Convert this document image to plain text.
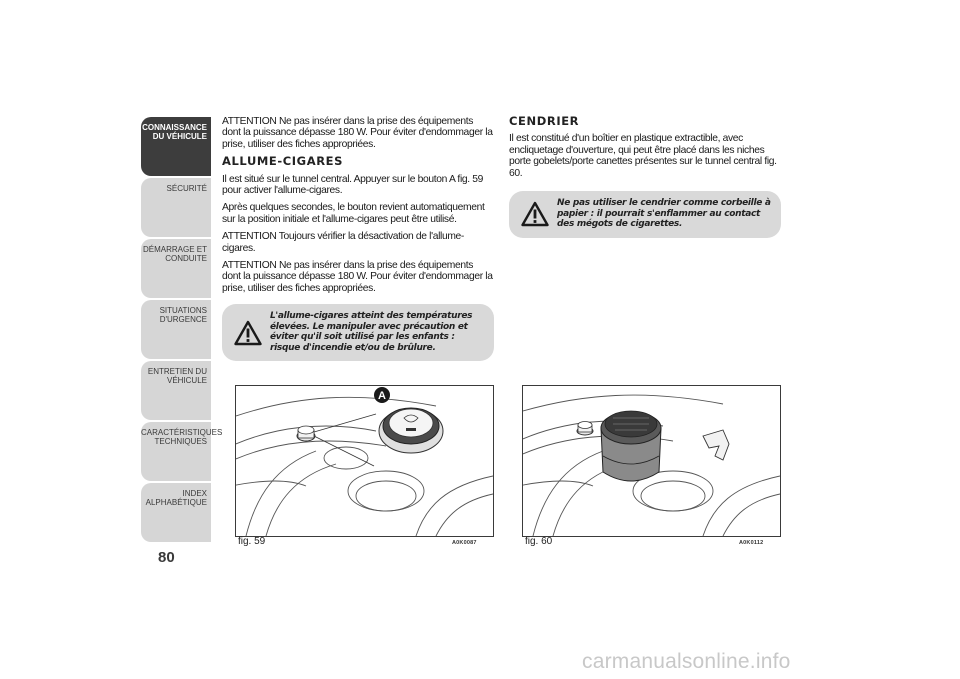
CONNAISSANCE
DU VÉHICULE
SÉCURITÉ
DÉMARRAGE ET
CONDUITE
SITUATIONS
D'URGENCE
ENTRETIEN DU
VÉHICULE
CARACTÉRISTIQUES
TECHNIQUES
INDEX
ALPHABÉTIQUE
80

ATTENTION Ne pas insérer dans la prise des équipements dont la puissance dépasse 180 W. Pour éviter d'endommager la prise, utiliser des fiches appropriées.

ALLUME-CIGARES

Il est situé sur le tunnel central. Appuyer sur le bouton A fig. 59 pour activer l'allume-cigares.

Après quelques secondes, le bouton revient automatiquement sur la position initiale et l'allume-cigares peut être utilisé.

ATTENTION Toujours vérifier la désactivation de l'allume-cigares.

ATTENTION Ne pas insérer dans la prise des équipements dont la puissance dépasse 180 W. Pour éviter d'endommager la prise, utiliser des fiches appropriées.

L'allume-cigares atteint des températures élevées. Le manipuler avec précaution et éviter qu'il soit utilisé par les enfants : risque d'incendie et/ou de brûlure.
CENDRIER

Il est constitué d'un boîtier en plastique extractible, avec encliquetage d'ouverture, qui peut être placé dans les niches porte gobelets/porte canettes présentes sur le tunnel central fig. 60.

Ne pas utiliser le cendrier comme corbeille à papier : il pourrait s'enflammer au contact des mégots de cigarettes.
A
fig. 59	A0K0087	fig. 60	A0K0112
carmanualsonline.info
